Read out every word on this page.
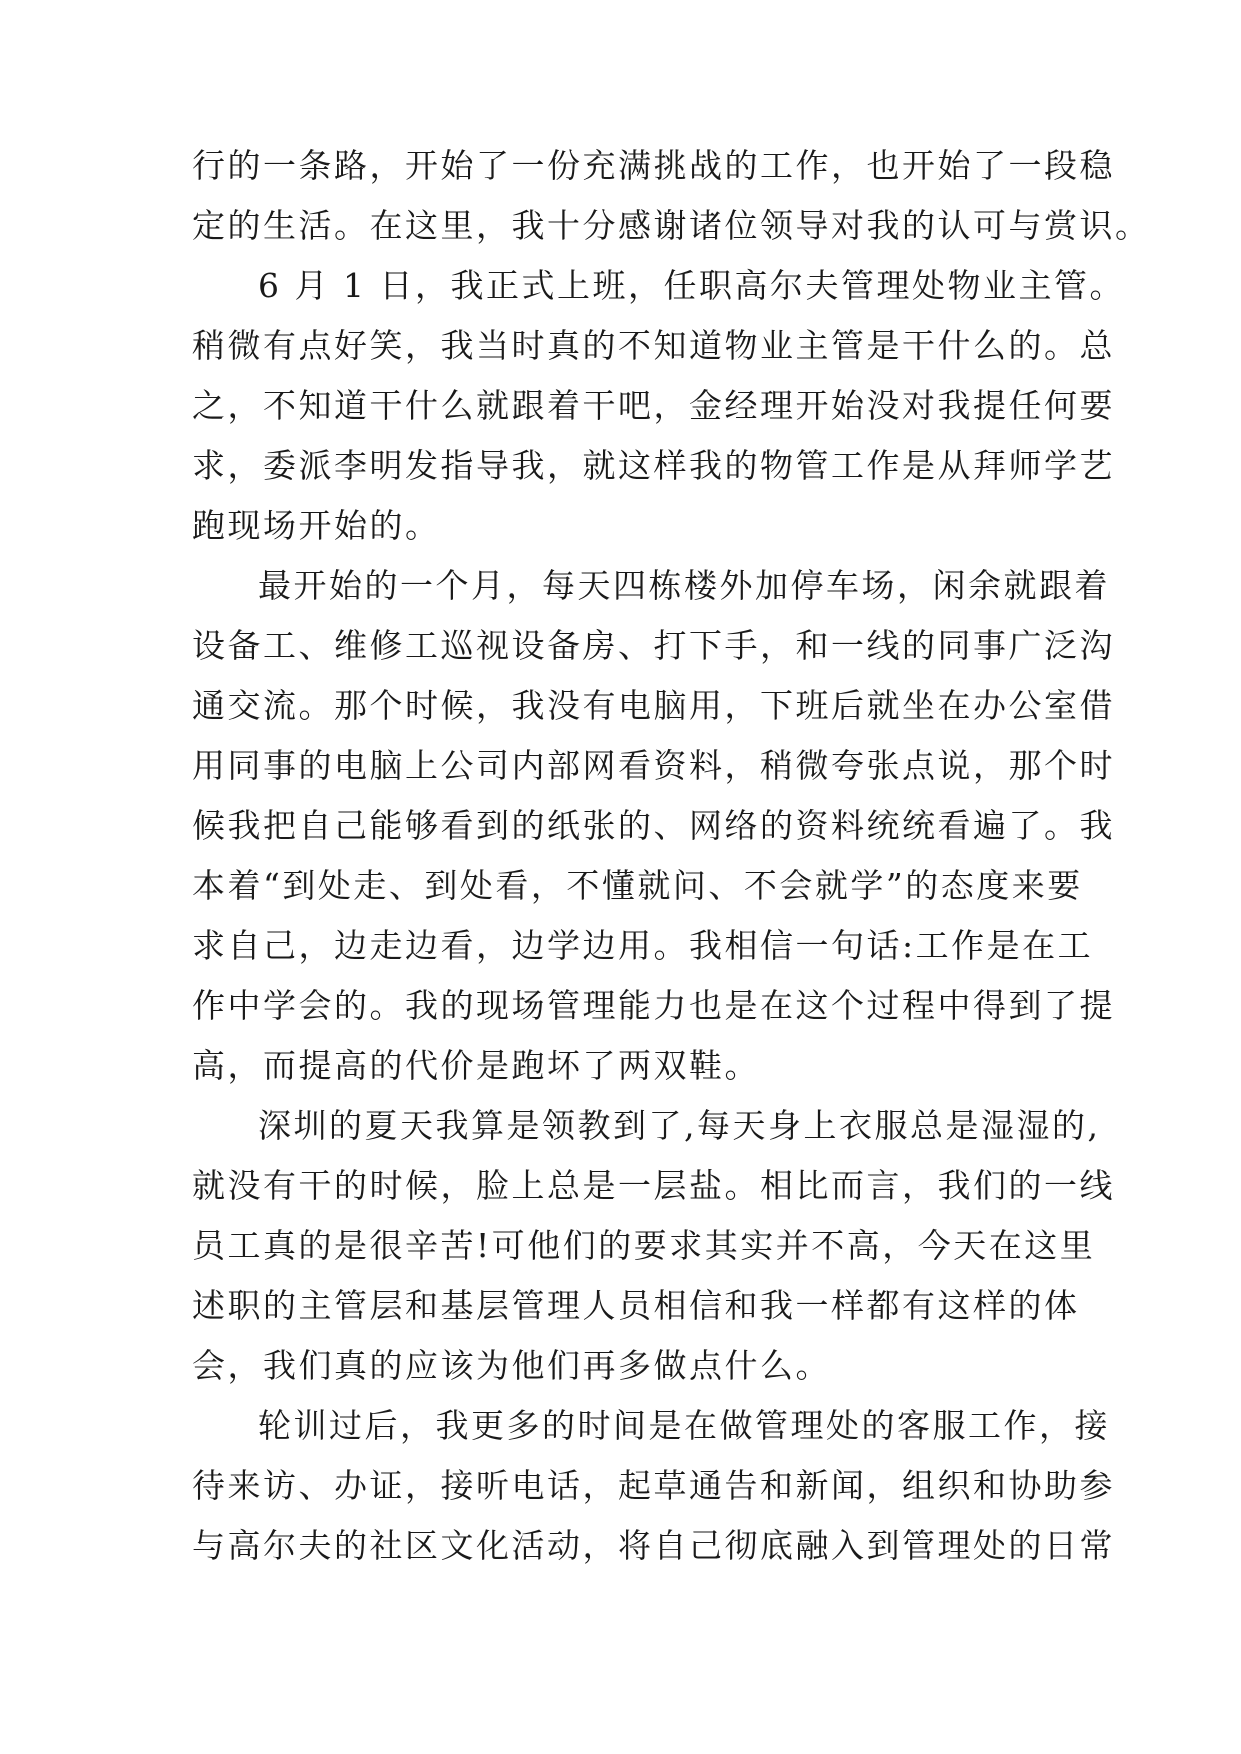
行的一条路，开始了一份充满挑战的工作，也开始了一段稳
定的生活。在这里，我十分感谢诸位领导对我的认可与赏识。
6 月 1 日，我正式上班，任职高尔夫管理处物业主管。
稍微有点好笑，我当时真的不知道物业主管是干什么的。总
之，不知道干什么就跟着干吧，金经理开始没对我提任何要
求，委派李明发指导我，就这样我的物管工作是从拜师学艺
跑现场开始的。
最开始的一个月，每天四栋楼外加停车场，闲余就跟着
设备工、维修工巡视设备房、打下手，和一线的同事广泛沟
通交流。那个时候，我没有电脑用，下班后就坐在办公室借
用同事的电脑上公司内部网看资料，稍微夸张点说，那个时
候我把自己能够看到的纸张的、网络的资料统统看遍了。我
本着“到处走、到处看，不懂就问、不会就学”的态度来要
求自己，边走边看，边学边用。我相信一句话:工作是在工
作中学会的。我的现场管理能力也是在这个过程中得到了提
高，而提高的代价是跑坏了两双鞋。
深圳的夏天我算是领教到了,每天身上衣服总是湿湿的,
就没有干的时候，脸上总是一层盐。相比而言，我们的一线
员工真的是很辛苦!可他们的要求其实并不高，今天在这里
述职的主管层和基层管理人员相信和我一样都有这样的体
会，我们真的应该为他们再多做点什么。
轮训过后，我更多的时间是在做管理处的客服工作，接
待来访、办证，接听电话，起草通告和新闻，组织和协助参
与高尔夫的社区文化活动，将自己彻底融入到管理处的日常
